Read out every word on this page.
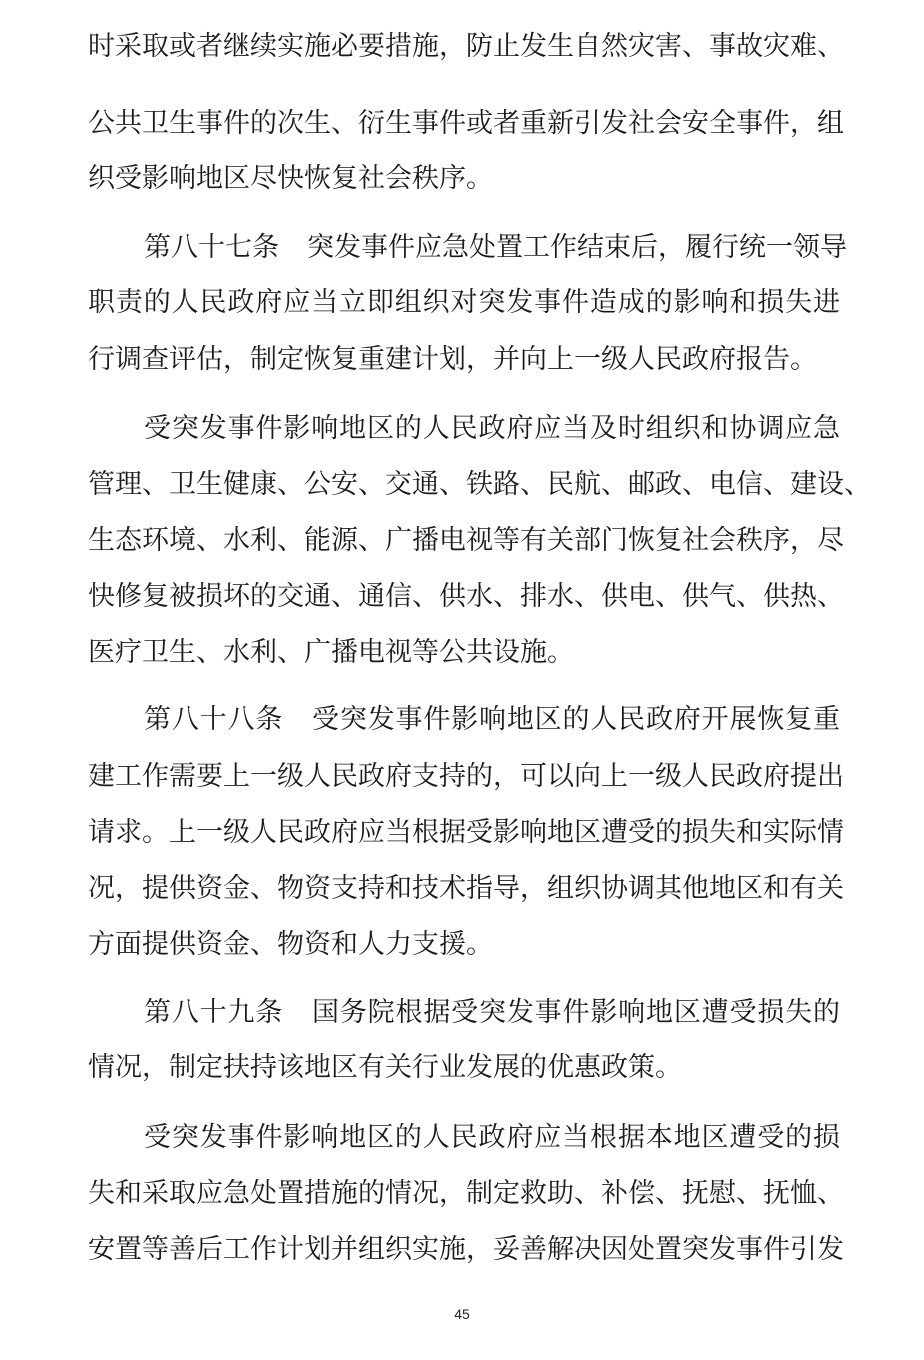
时采取或者继续实施必要措施，防止发生自然灾害、事故灾难、
公共卫生事件的次生、衍生事件或者重新引发社会安全事件，组
织受影响地区尽快恢复社会秩序。
第八十七条 突发事件应急处置工作结束后，履行统一领导
职责的人民政府应当立即组织对突发事件造成的影响和损失进
行调查评估，制定恢复重建计划，并向上一级人民政府报告。
受突发事件影响地区的人民政府应当及时组织和协调应急
管理、卫生健康、公安、交通、铁路、民航、邮政、电信、建设、
生态环境、水利、能源、广播电视等有关部门恢复社会秩序，尽
快修复被损坏的交通、通信、供水、排水、供电、供气、供热、
医疗卫生、水利、广播电视等公共设施。
第八十八条 受突发事件影响地区的人民政府开展恢复重
建工作需要上一级人民政府支持的，可以向上一级人民政府提出
请求。上一级人民政府应当根据受影响地区遭受的损失和实际情
况，提供资金、物资支持和技术指导，组织协调其他地区和有关
方面提供资金、物资和人力支援。
第八十九条 国务院根据受突发事件影响地区遭受损失的
情况，制定扶持该地区有关行业发展的优惠政策。
受突发事件影响地区的人民政府应当根据本地区遭受的损
失和采取应急处置措施的情况，制定救助、补偿、抚慰、抚恤、
安置等善后工作计划并组织实施，妥善解决因处置突发事件引发
45
